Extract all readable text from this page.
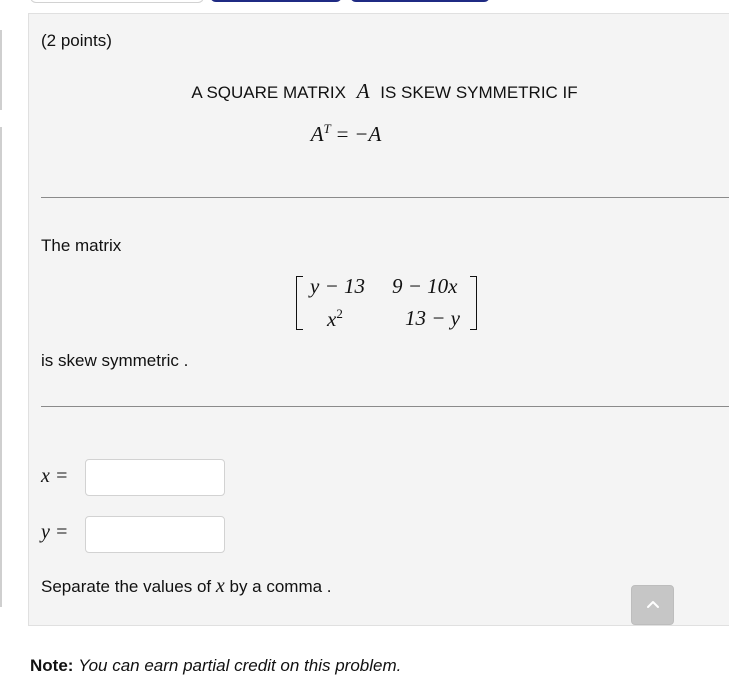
(2 points)
A SQUARE MATRIX A IS SKEW SYMMETRIC IF
$A^T = -A$
The matrix
y − 13 9 − 10x
$x^2$	13 − y
is skew symmetric .
x =
y =
Separate the values of x by a comma .
Note: You can earn partial credit on this problem.
